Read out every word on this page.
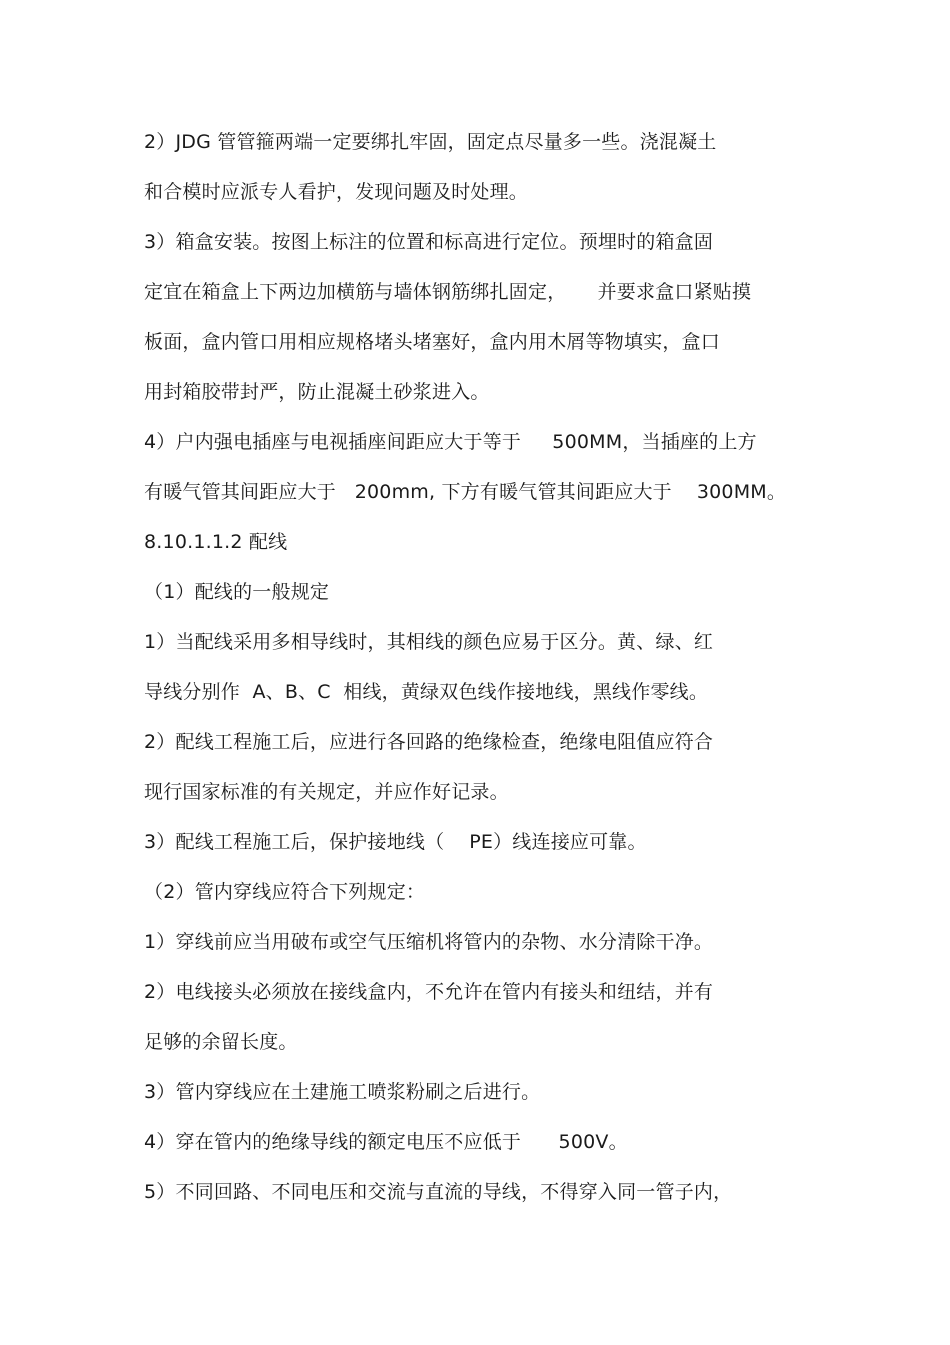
2）JDG 管管箍两端一定要绑扎牢固，固定点尽量多一些。浇混凝土
和合模时应派专人看护，发现问题及时处理。
3）箱盒安装。按图上标注的位置和标高进行定位。预埋时的箱盒固
定宜在箱盒上下两边加横筋与墙体钢筋绑扎固定，     并要求盒口紧贴摸
板面，盒内管口用相应规格堵头堵塞好，盒内用木屑等物填实，盒口
用封箱胶带封严，防止混凝土砂浆进入。
4）户内强电插座与电视插座间距应大于等于     500MM，当插座的上方
有暖气管其间距应大于   200mm, 下方有暖气管其间距应大于    300MM。
8.10.1.1.2 配线
（1）配线的一般规定
1）当配线采用多相导线时，其相线的颜色应易于区分。黄、绿、红
导线分别作  A、B、C  相线，黄绿双色线作接地线，黑线作零线。
2）配线工程施工后，应进行各回路的绝缘检查，绝缘电阻值应符合
现行国家标准的有关规定，并应作好记录。
3）配线工程施工后，保护接地线（    PE）线连接应可靠。
（2）管内穿线应符合下列规定：
1）穿线前应当用破布或空气压缩机将管内的杂物、水分清除干净。
2）电线接头必须放在接线盒内，不允许在管内有接头和纽结，并有
足够的余留长度。
3）管内穿线应在土建施工喷浆粉刷之后进行。
4）穿在管内的绝缘导线的额定电压不应低于      500V。
5）不同回路、不同电压和交流与直流的导线，不得穿入同一管子内，
